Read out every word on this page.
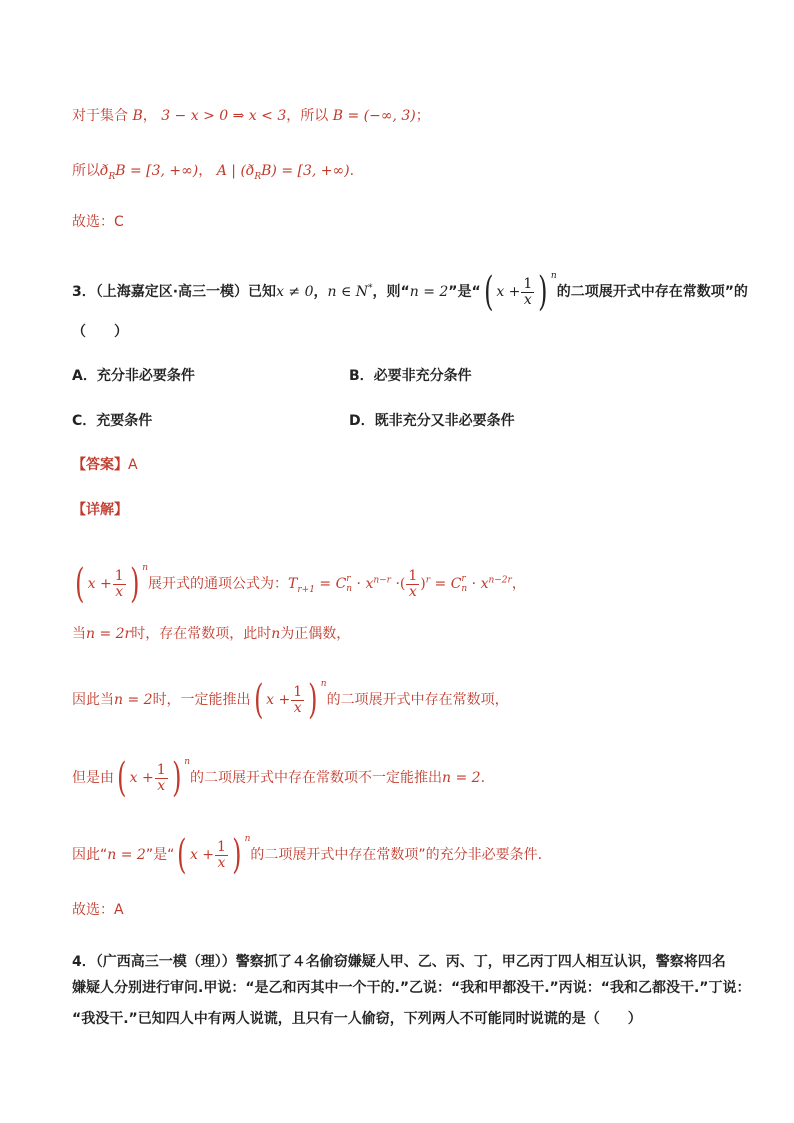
对于集合 B， 3 − x > 0 ⇒ x < 3，所以 B = (−∞, 3)；
所以$ð_RB = [3$, +∞)， A | $(ð_RB) = [3$, +∞).
故选：C
3．（上海嘉定区·高三一模）已知x ≠ 0，n ∈ N*，则“n = 2”是“( $x + \frac{1}{x}$ ) $^n$的二项展开式中存在常数项”的
（　　）
A．充分非必要条件	B．必要非充分条件
C．充要条件	D．既非充分又非必要条件
【答案】A
【详解】
( $x + \frac{1}{x}$ ) $^n$展开式的通项公式为：$T_{r+1} = C$ r
$n \cdot x^{n-r}$ ·( $\frac{1}{x} )^r = C$ r
$n \cdot x^{n-2r}$，
当n = 2r时，存在常数项，此时n为正偶数，
因此当n = 2时，一定能推出( $x + \frac{1}{x}$ ) $^n$的二项展开式中存在常数项，
但是由( $x + \frac{1}{x}$ ) $^n$的二项展开式中存在常数项不一定能推出n = 2.
因此“n = 2”是“( $x + \frac{1}{x}$ ) $^n$的二项展开式中存在常数项”的充分非必要条件.
故选：A
4．（广西高三一模（理））警察抓了４名偷窃嫌疑人甲、乙、丙、丁，甲乙丙丁四人相互认识，警察将四名
嫌疑人分别进行审问.甲说：“是乙和丙其中一个干的.”乙说：“我和甲都没干.”丙说：“我和乙都没干.”丁说：
“我没干.”已知四人中有两人说谎，且只有一人偷窃，下列两人不可能同时说谎的是（　　）
